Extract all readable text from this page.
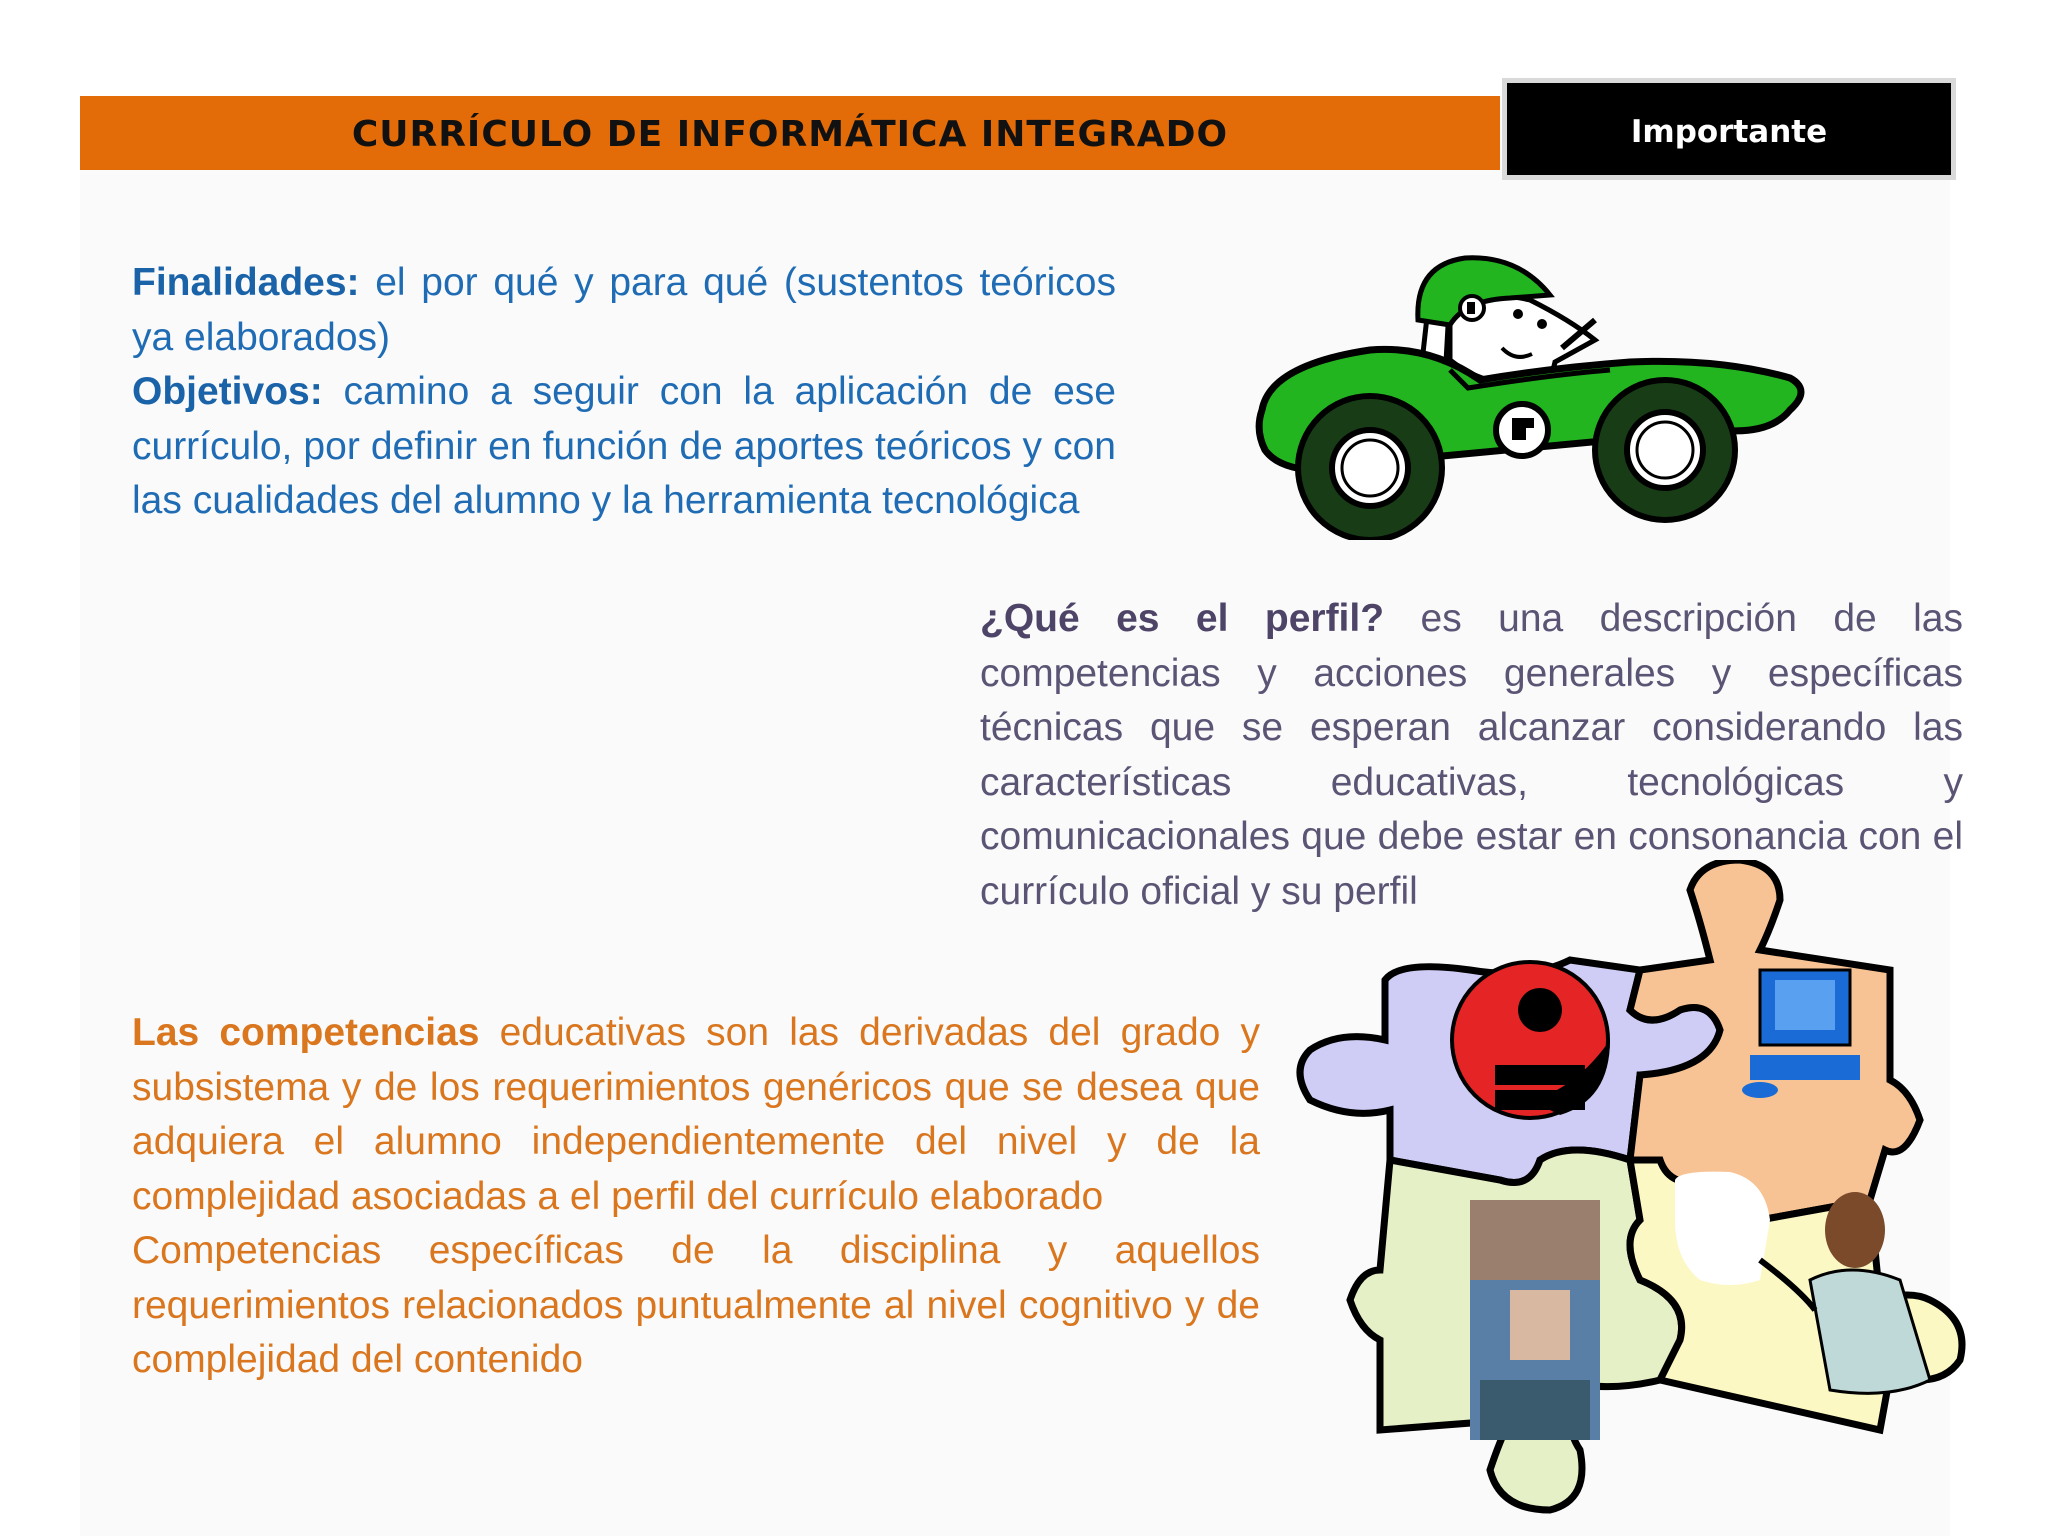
CURRÍCULO DE INFORMÁTICA INTEGRADO	Importante
Finalidades: el por qué y para qué (sustentos teóricos ya elaborados)
Objetivos: camino a seguir con la aplicación de ese currículo, por definir en función de aportes teóricos y con las cualidades del alumno y la herramienta tecnológica
¿Qué es el perfil? es una descripción de las competencias y acciones generales y específicas técnicas que se esperan alcanzar considerando las características educativas, tecnológicas y comunicacionales que debe estar en consonancia con el currículo oficial y su perfil
Las competencias educativas son las derivadas del grado y subsistema y de los requerimientos genéricos que se desea que adquiera el alumno independientemente del nivel y de la complejidad asociadas a el perfil del currículo elaborado
Competencias específicas de la disciplina y aquellos requerimientos relacionados puntualmente al nivel cognitivo y de complejidad del contenido
